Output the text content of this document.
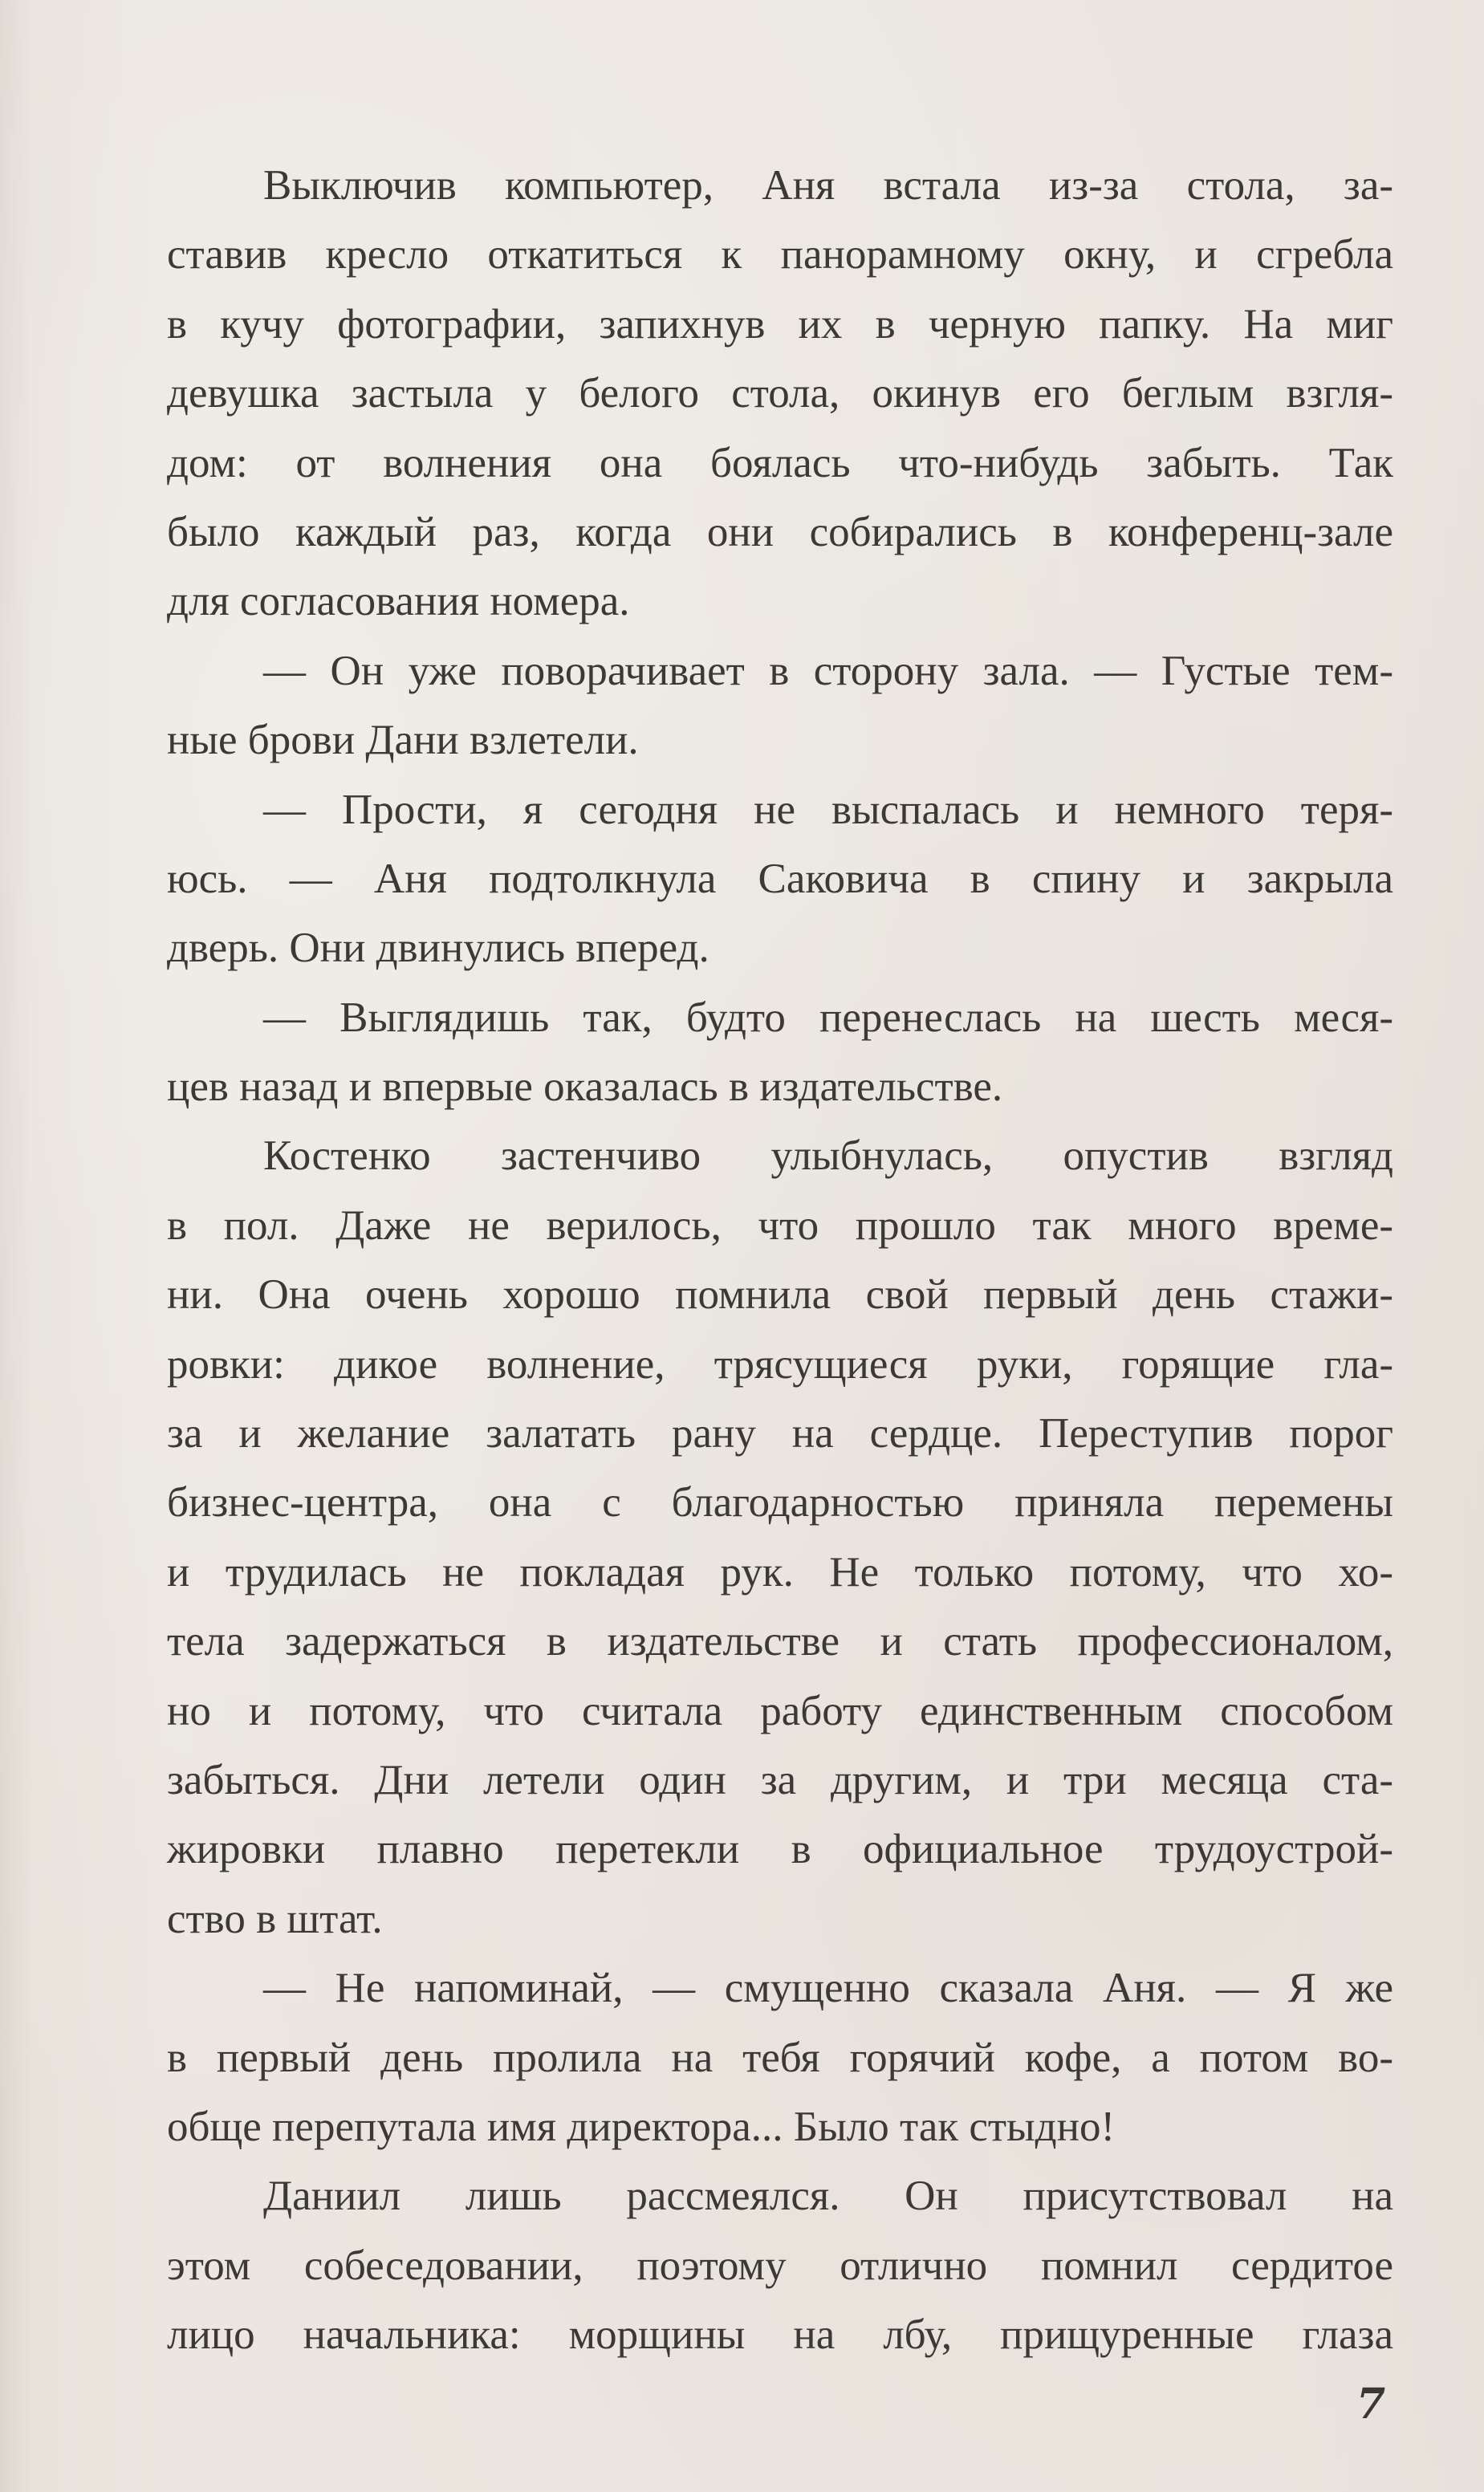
Выключив компьютер, Аня встала из-за стола, за-
ставив кресло откатиться к панорамному окну, и сгребла
в кучу фотографии, запихнув их в черную папку. На миг
девушка застыла у белого стола, окинув его беглым взгля-
дом: от волнения она боялась что-нибудь забыть. Так
было каждый раз, когда они собирались в конференц-зале
для согласования номера.
— Он уже поворачивает в сторону зала. — Густые тем-
ные брови Дани взлетели.
— Прости, я сегодня не выспалась и немного теря-
юсь. — Аня подтолкнула Саковича в спину и закрыла
дверь. Они двинулись вперед.
— Выглядишь так, будто перенеслась на шесть меся-
цев назад и впервые оказалась в издательстве.
Костенко застенчиво улыбнулась, опустив взгляд
в пол. Даже не верилось, что прошло так много време-
ни. Она очень хорошо помнила свой первый день стажи-
ровки: дикое волнение, трясущиеся руки, горящие гла-
за и желание залатать рану на сердце. Переступив порог
бизнес-центра, она с благодарностью приняла перемены
и трудилась не покладая рук. Не только потому, что хо-
тела задержаться в издательстве и стать профессионалом,
но и потому, что считала работу единственным способом
забыться. Дни летели один за другим, и три месяца ста-
жировки плавно перетекли в официальное трудоустрой-
ство в штат.
— Не напоминай, — смущенно сказала Аня. — Я же
в первый день пролила на тебя горячий кофе, а потом во-
обще перепутала имя директора... Было так стыдно!
Даниил лишь рассмеялся. Он присутствовал на
этом собеседовании, поэтому отлично помнил сердитое
лицо начальника: морщины на лбу, прищуренные глаза
7
